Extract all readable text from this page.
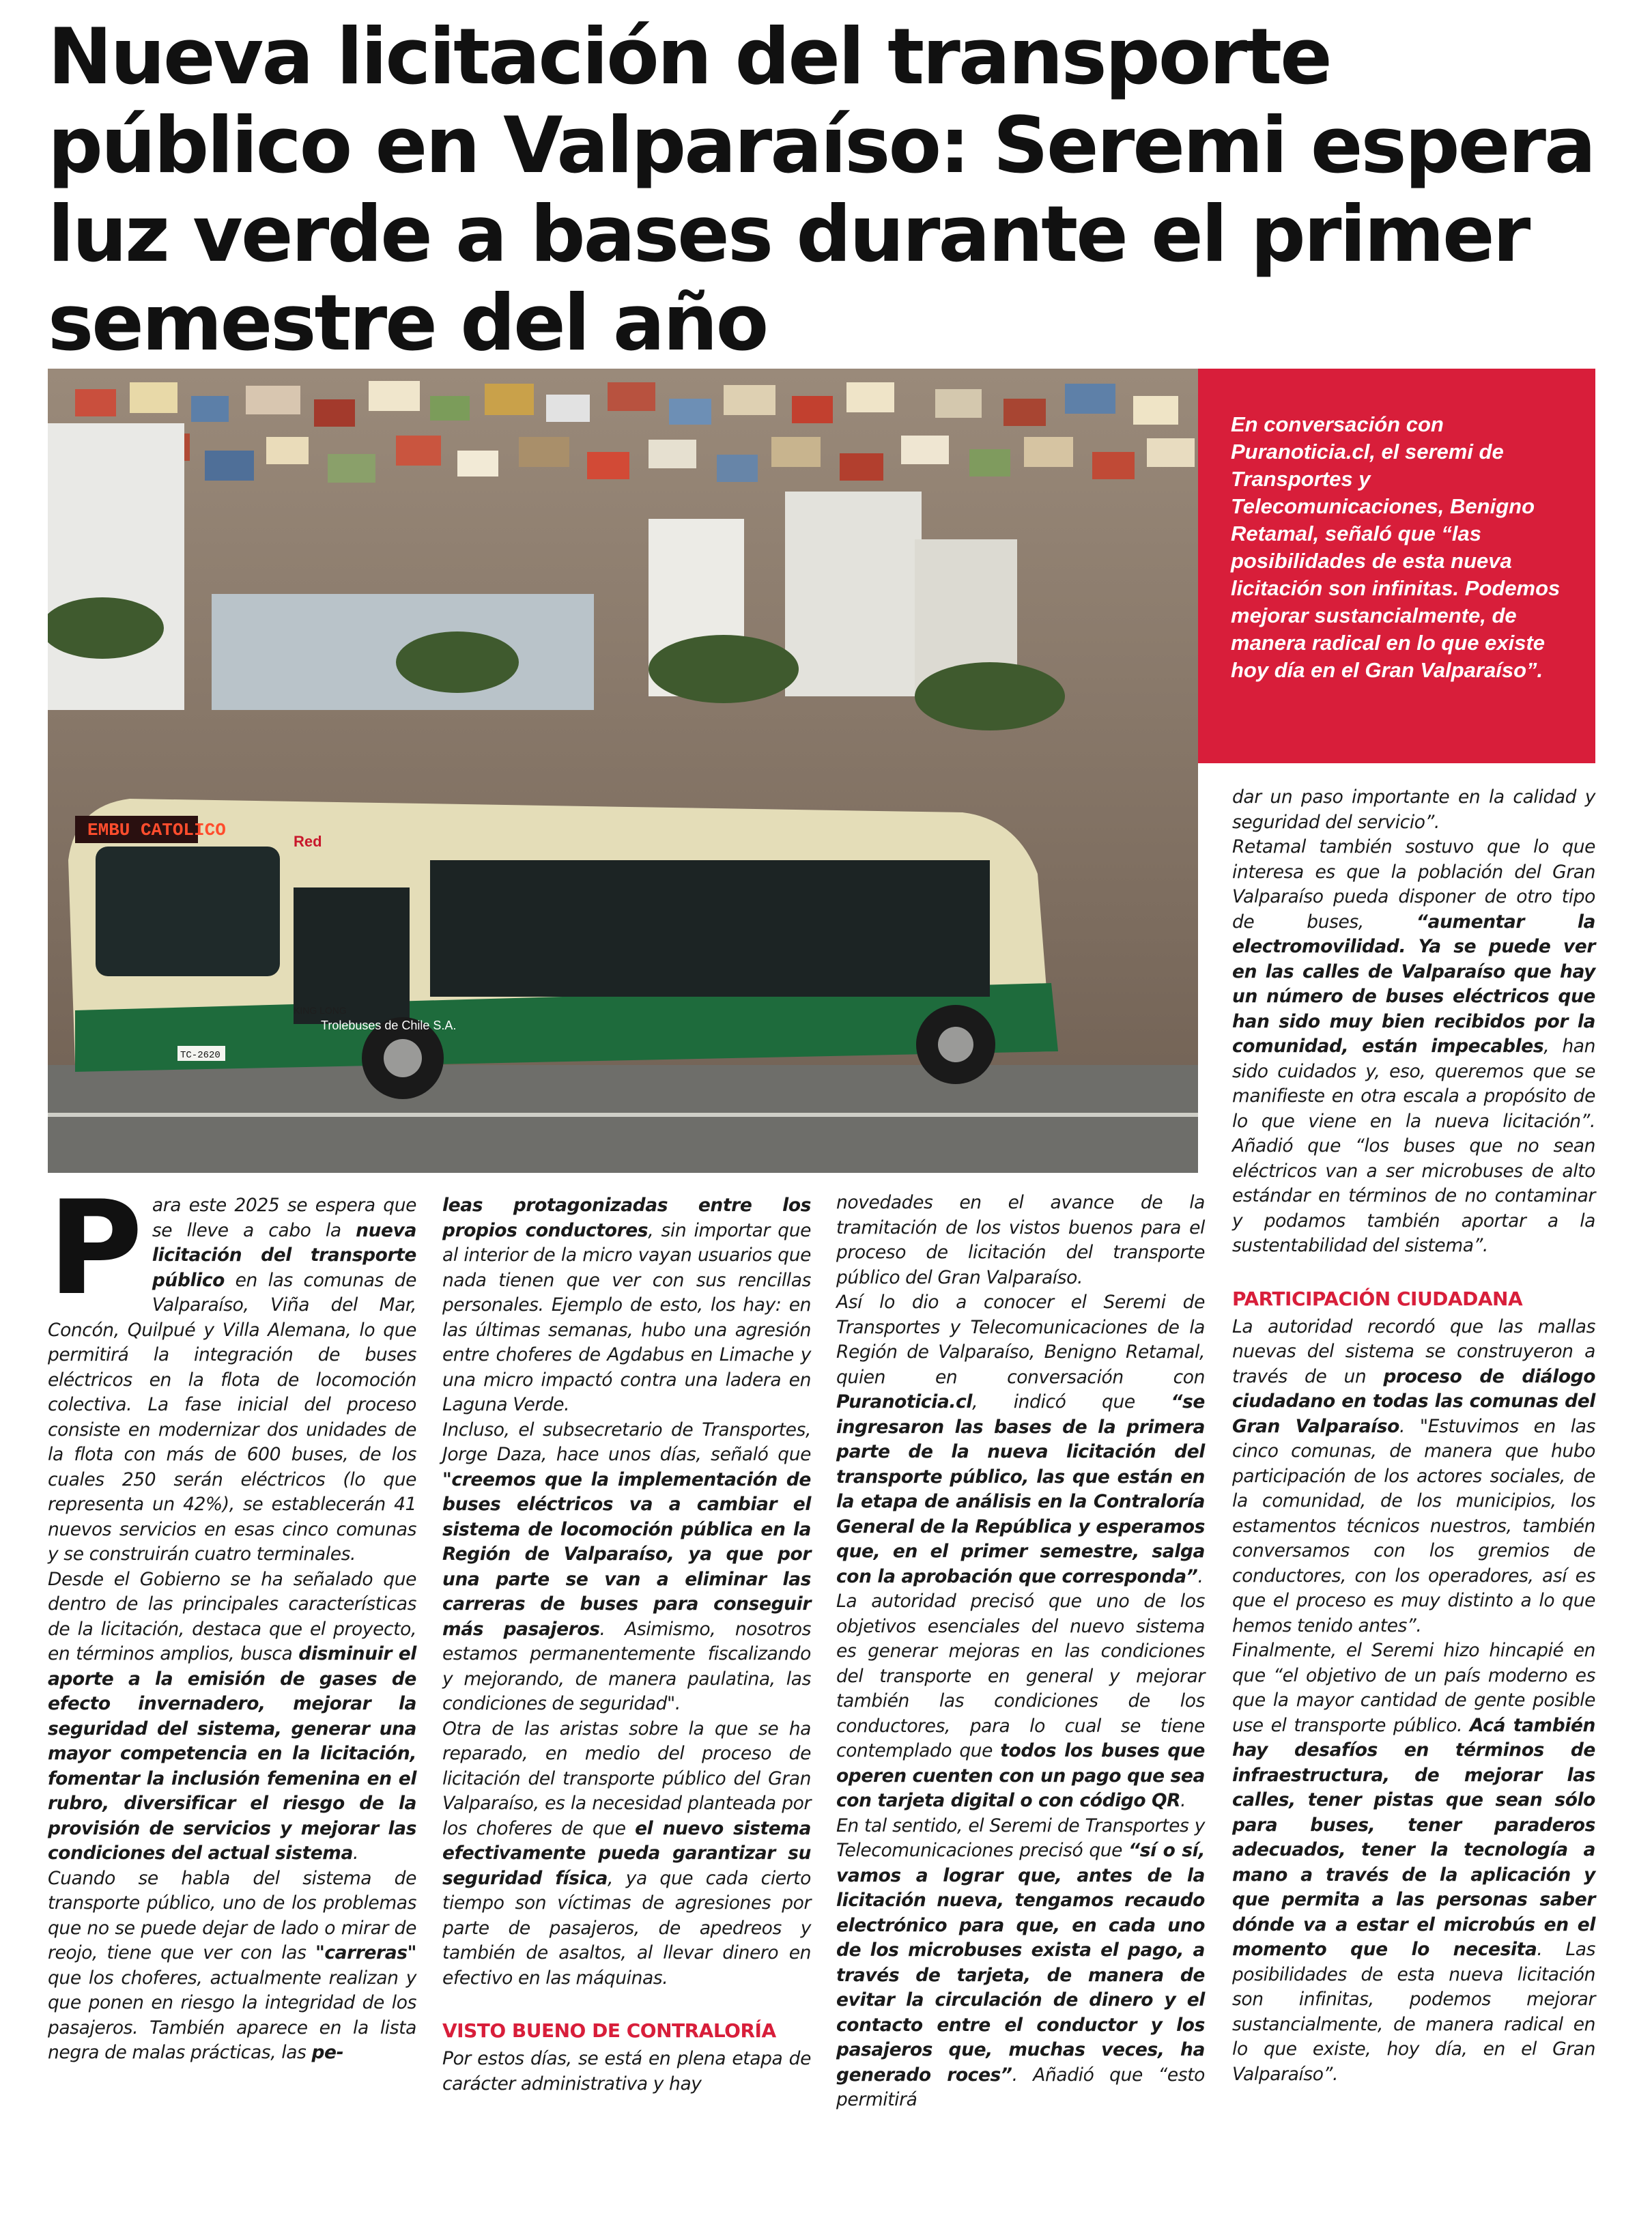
Nueva licitación del transporte público en Valparaíso: Seremi espera luz verde a bases durante el primer semestre del año
EMBU CATOLICO
Red
KING LONG
Trolebuses de Chile S.A.
TC-2620

En conversación con Puranoticia.cl, el seremi de Transportes y Telecomunicaciones, Benigno Retamal, señaló que “las posibilidades de esta nueva licitación son infinitas. Podemos mejorar sustancialmente, de manera radical en lo que existe hoy día en el Gran Valparaíso”.

P ara este 2025 se espera que se lleve a cabo la nueva licitación del transporte público en las comunas de Valparaíso, Viña del Mar, Concón, Quilpué y Villa Alemana, lo que permitirá la integración de buses eléctricos en la flota de locomoción colectiva. La fase inicial del proceso consiste en modernizar dos unidades de la flota con más de 600 buses, de los cuales 250 serán eléctricos (lo que representa un 42%), se establecerán 41 nuevos servicios en esas cinco comunas y se construirán cuatro terminales.

Desde el Gobierno se ha señalado que dentro de las principales características de la licitación, destaca que el proyecto, en términos amplios, busca disminuir el aporte a la emisión de gases de efecto invernadero, mejorar la seguridad del sistema, generar una mayor competencia en la licitación, fomentar la inclusión femenina en el rubro, diversificar el riesgo de la provisión de servicios y mejorar las condiciones del actual sistema.

Cuando se habla del sistema de transporte público, uno de los problemas que no se puede dejar de lado o mirar de reojo, tiene que ver con las "carreras" que los choferes, actualmente realizan y que ponen en riesgo la integridad de los pasajeros. También aparece en la lista negra de malas prácticas, las pe-

leas protagonizadas entre los propios conductores, sin importar que al interior de la micro vayan usuarios que nada tienen que ver con sus rencillas personales. Ejemplo de esto, los hay: en las últimas semanas, hubo una agresión entre choferes de Agdabus en Limache y una micro impactó contra una ladera en Laguna Verde.

Incluso, el subsecretario de Transportes, Jorge Daza, hace unos días, señaló que "creemos que la implementación de buses eléctricos va a cambiar el sistema de locomoción pública en la Región de Valparaíso, ya que por una parte se van a eliminar las carreras de buses para conseguir más pasajeros. Asimismo, nosotros estamos permanentemente fiscalizando y mejorando, de manera paulatina, las condiciones de seguridad".

Otra de las aristas sobre la que se ha reparado, en medio del proceso de licitación del transporte público del Gran Valparaíso, es la necesidad planteada por los choferes de que el nuevo sistema efectivamente pueda garantizar su seguridad física, ya que cada cierto tiempo son víctimas de agresiones por parte de pasajeros, de apedreos y también de asaltos, al llevar dinero en efectivo en las máquinas.

VISTO BUENO DE CONTRALORÍA

Por estos días, se está en plena etapa de carácter administrativa y hay

novedades en el avance de la tramitación de los vistos buenos para el proceso de licitación del transporte público del Gran Valparaíso.

Así lo dio a conocer el Seremi de Transportes y Telecomunicaciones de la Región de Valparaíso, Benigno Retamal, quien en conversación con Puranoticia.cl, indicó que “se ingresaron las bases de la primera parte de la nueva licitación del transporte público, las que están en la etapa de análisis en la Contraloría General de la República y esperamos que, en el primer semestre, salga con la aprobación que corresponda”.

La autoridad precisó que uno de los objetivos esenciales del nuevo sistema es generar mejoras en las condiciones del transporte en general y mejorar también las condiciones de los conductores, para lo cual se tiene contemplado que todos los buses que operen cuenten con un pago que sea con tarjeta digital o con código QR.

En tal sentido, el Seremi de Transportes y Telecomunicaciones precisó que “sí o sí, vamos a lograr que, antes de la licitación nueva, tengamos recaudo electrónico para que, en cada uno de los microbuses exista el pago, a través de tarjeta, de manera de evitar la circulación de dinero y el contacto entre el conductor y los pasajeros que, muchas veces, ha generado roces”. Añadió que “esto permitirá

dar un paso importante en la calidad y seguridad del servicio”.

Retamal también sostuvo que lo que interesa es que la población del Gran Valparaíso pueda disponer de otro tipo de buses, “aumentar la electromovilidad. Ya se puede ver en las calles de Valparaíso que hay un número de buses eléctricos que han sido muy bien recibidos por la comunidad, están impecables, han sido cuidados y, eso, queremos que se manifieste en otra escala a propósito de lo que viene en la nueva licitación”. Añadió que “los buses que no sean eléctricos van a ser microbuses de alto estándar en términos de no contaminar y podamos también aportar a la sustentabilidad del sistema”.

PARTICIPACIÓN CIUDADANA

La autoridad recordó que las mallas nuevas del sistema se construyeron a través de un proceso de diálogo ciudadano en todas las comunas del Gran Valparaíso. "Estuvimos en las cinco comunas, de manera que hubo participación de los actores sociales, de la comunidad, de los municipios, los estamentos técnicos nuestros, también conversamos con los gremios de conductores, con los operadores, así es que el proceso es muy distinto a lo que hemos tenido antes”.

Finalmente, el Seremi hizo hincapié en que “el objetivo de un país moderno es que la mayor cantidad de gente posible use el transporte público. Acá también hay desafíos en términos de infraestructura, de mejorar las calles, tener pistas que sean sólo para buses, tener paraderos adecuados, tener la tecnología a mano a través de la aplicación y que permita a las personas saber dónde va a estar el microbús en el momento que lo necesita. Las posibilidades de esta nueva licitación son infinitas, podemos mejorar sustancialmente, de manera radical en lo que existe, hoy día, en el Gran Valparaíso”.
